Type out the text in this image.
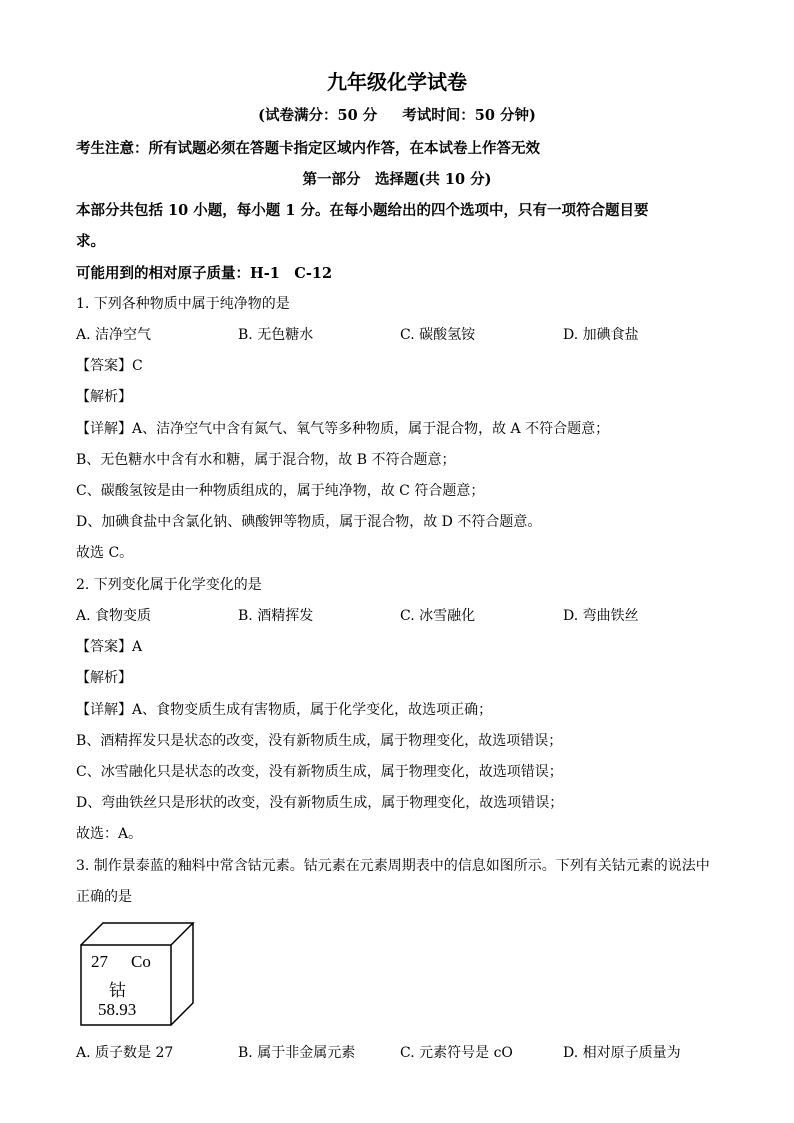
九年级化学试卷
(试卷满分：50 分 考试时间：50 分钟)
考生注意：所有试题必须在答题卡指定区域内作答，在本试卷上作答无效
第一部分　选择题(共 10 分)
本部分共包括 10 小题，每小题 1 分。在每小题给出的四个选项中，只有一项符合题目要
求。
可能用到的相对原子质量：H-1　C-12
1. 下列各种物质中属于纯净物的是
A. 洁净空气	B. 无色糖水	C. 碳酸氢铵	D. 加碘食盐
【答案】C
【解析】
【详解】A、洁净空气中含有氮气、氧气等多种物质，属于混合物，故 A 不符合题意；
B、无色糖水中含有水和糖，属于混合物，故 B 不符合题意；
C、碳酸氢铵是由一种物质组成的，属于纯净物，故 C 符合题意；
D、加碘食盐中含氯化钠、碘酸钾等物质，属于混合物，故 D 不符合题意。
故选 C。
2. 下列变化属于化学变化的是
A. 食物变质	B. 酒精挥发	C. 冰雪融化	D. 弯曲铁丝
【答案】A
【解析】
【详解】A、食物变质生成有害物质，属于化学变化，故选项正确；
B、酒精挥发只是状态的改变，没有新物质生成，属于物理变化，故选项错误；
C、冰雪融化只是状态的改变，没有新物质生成，属于物理变化，故选项错误；
D、弯曲铁丝只是形状的改变，没有新物质生成，属于物理变化，故选项错误；
故选：A。
3. 制作景泰蓝的釉料中常含钴元素。钴元素在元素周期表中的信息如图所示。下列有关钴元素的说法中
正确的是
27 Co
钴
58.93
A. 质子数是 27	B. 属于非金属元素	C. 元素符号是 cO	D. 相对原子质量为
